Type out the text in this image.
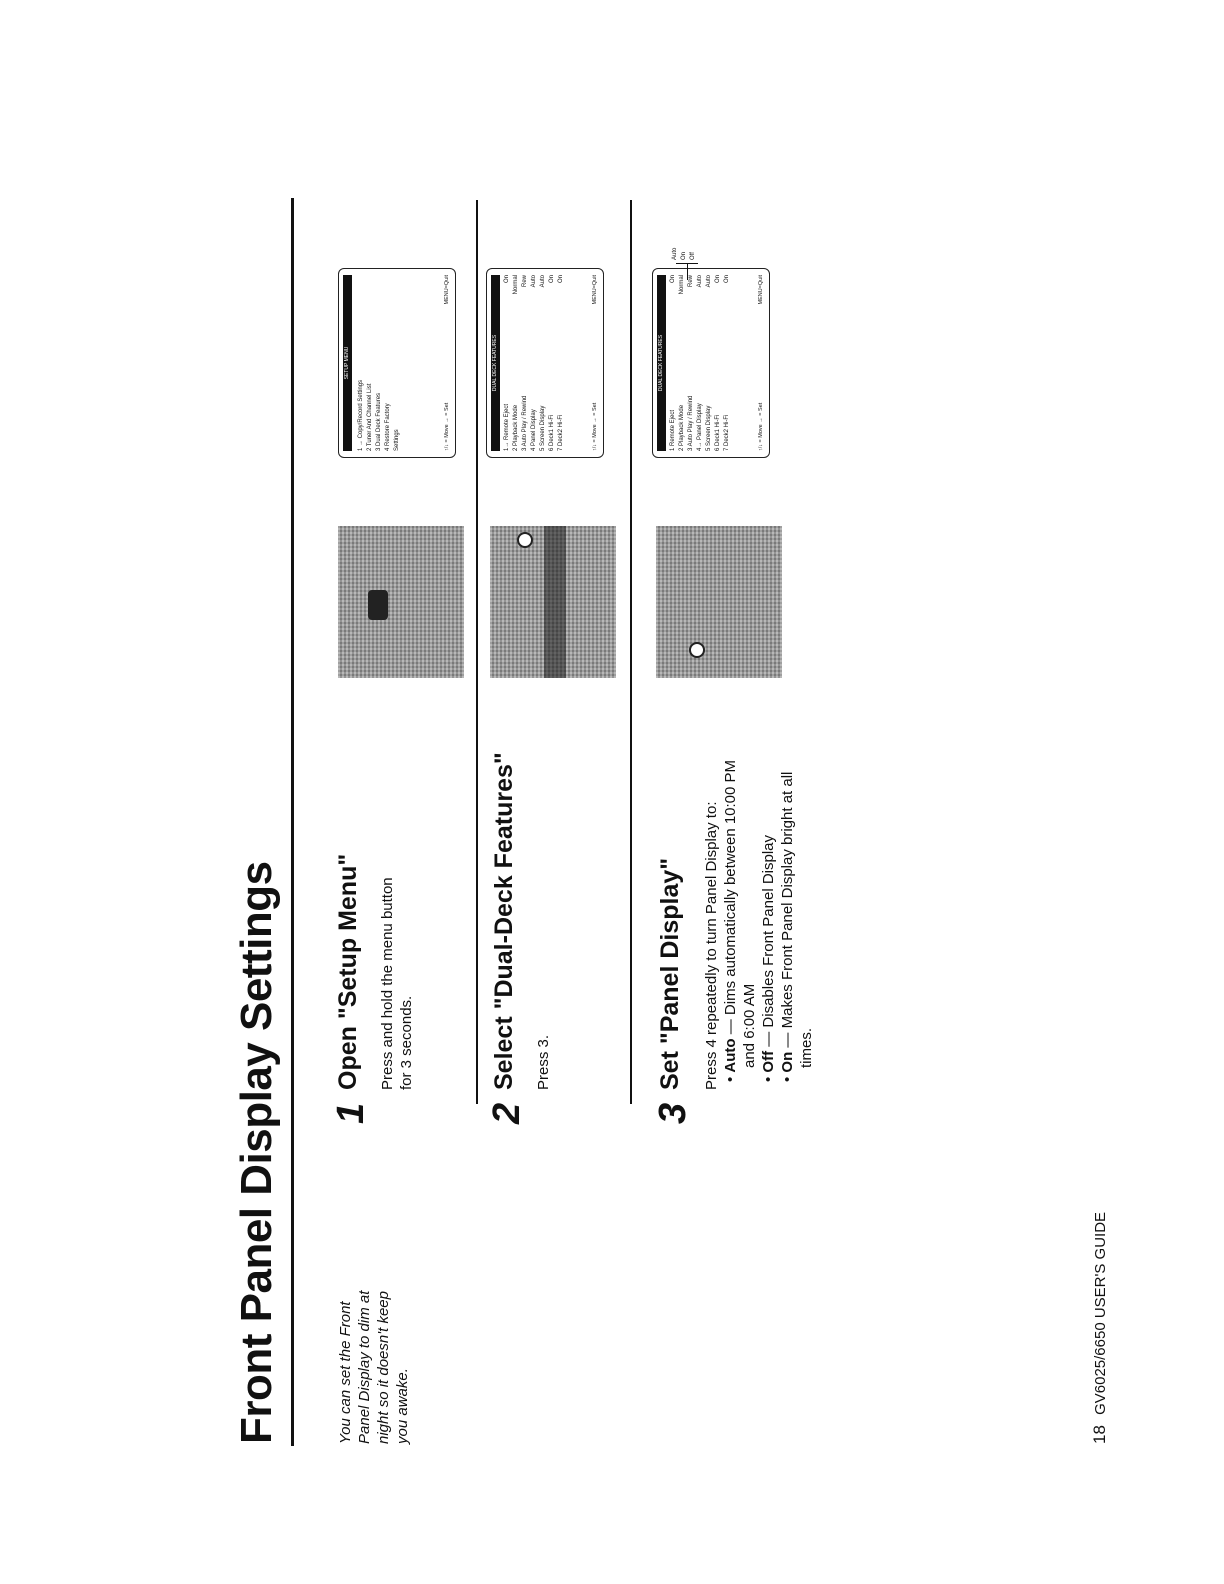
Front Panel Display Settings	You can set the Front Panel Display to dim at night so it doesn't keep you awake.
1
Open "Setup Menu" Press and hold the menu button for 3 seconds.
SETUP MENU
1 → Copy/Record Settings 2 Tuner And Channel List 3 Dual Deck Features 4 Restore Factory Settings	↑/↓ = Move → = Set
MENU=Quit
2
Select "Dual-Deck Features" Press 3.
DUAL DECK FEATURES
1→ Remote Eject
On
2 Playback Mode
Normal
3 Auto Play / Rewind
Rew
4 Panel Display
Auto
5 Screen Display
Auto
6 Deck1 Hi-Fi
On
7 Deck2 Hi-Fi
On
↑/↓ = Move → = Set
MENU=Quit
3
Set "Panel Display" Press 4 repeatedly to turn Panel Display to: • Auto — Dims automatically between 10:00 PM and 6:00 AM
• Off — Disables Front Panel Display
• On — Makes Front Panel Display bright at all times.
DUAL DECK FEATURES
1 Remote Eject
On
2 Playback Mode
Normal
3 Auto Play / Rewind
Rew
4→ Panel Display
Auto
5 Screen Display
Auto
6 Deck1 Hi-Fi
On
7 Deck2 Hi-Fi
On
↑/↓ = Move → = Set
MENU=Quit
Auto On Off
18 GV6025/6650 USER'S GUIDE
